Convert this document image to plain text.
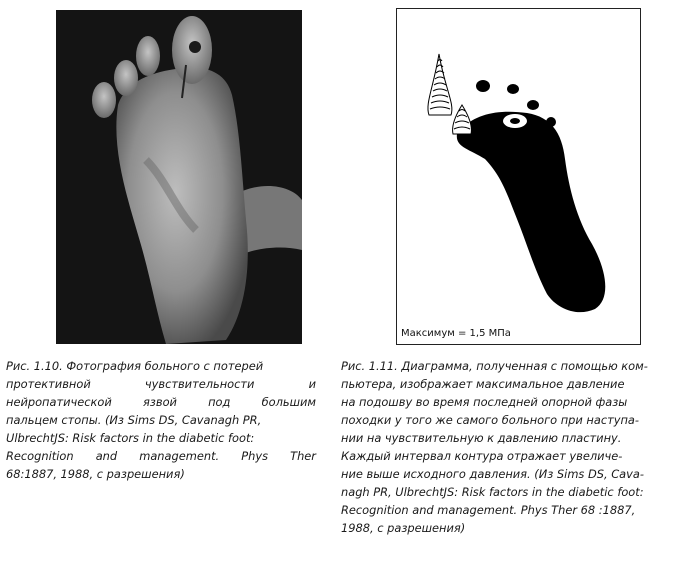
Максимум = 1,5 МПа
Рис. 1.10. Фотография больного с потерей
протективной чувствительности и
нейропатической язвой под большим
пальцем стопы. (Из Sims DS, Cavanagh PR,
UlbrechtJS: Risk factors in the diabetic foot:
Recognition and management. Phys Ther
68:1887, 1988, с разрешения)
Рис. 1.11. Диаграмма, полученная с помощью ком-
пьютера, изображает максимальное давление
на подошву во время последней опорной фазы
походки у того же самого больного при наступа-
нии на чувствительную к давлению пластину.
Каждый интервал контура отражает увеличе-
ние выше исходного давления. (Из Sims DS, Cava-
nagh PR, UlbrechtJS: Risk factors in the diabetic foot:
Recognition and management. Phys Ther 68 :1887,
1988, с разрешения)
